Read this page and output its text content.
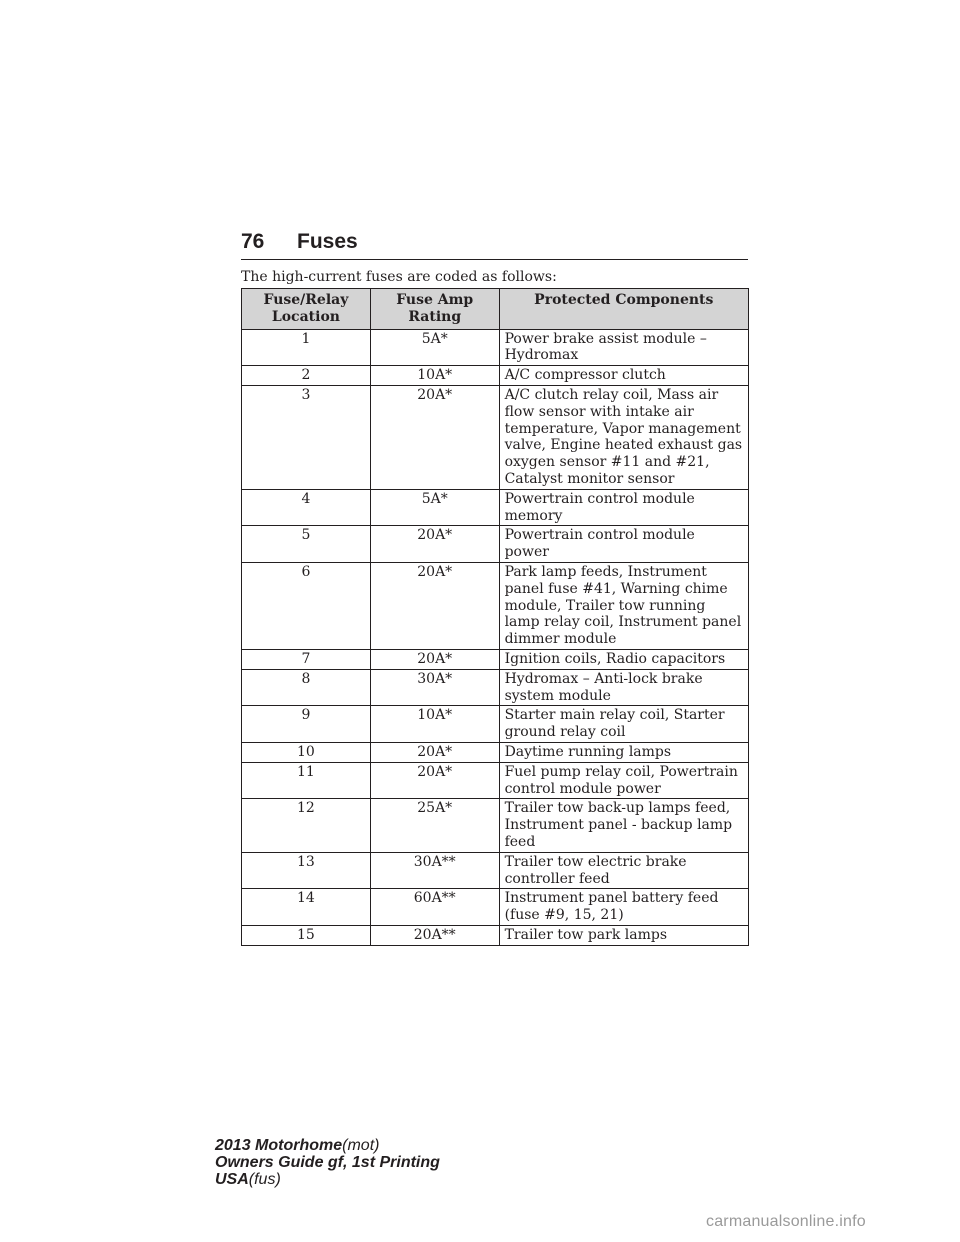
76 Fuses
The high-current fuses are coded as follows:
Fuse/Relay Location	Fuse Amp Rating	Protected Components
1	5A*	Power brake assist module – Hydromax
2	10A*	A/C compressor clutch
3	20A*	A/C clutch relay coil, Mass air flow sensor with intake air temperature, Vapor management valve, Engine heated exhaust gas oxygen sensor #11 and #21, Catalyst monitor sensor
4	5A*	Powertrain control module memory
5	20A*	Powertrain control module power
6	20A*	Park lamp feeds, Instrument panel fuse #41, Warning chime module, Trailer tow running lamp relay coil, Instrument panel dimmer module
7	20A*	Ignition coils, Radio capacitors
8	30A*	Hydromax – Anti-lock brake system module
9	10A*	Starter main relay coil, Starter ground relay coil
10	20A*	Daytime running lamps
11	20A*	Fuel pump relay coil, Powertrain control module power
12	25A*	Trailer tow back-up lamps feed, Instrument panel - backup lamp feed
13	30A**	Trailer tow electric brake controller feed
14	60A**	Instrument panel battery feed (fuse #9, 15, 21)
15	20A**	Trailer tow park lamps
2013 Motorhome(mot)
Owners Guide gf, 1st Printing
USA(fus)
carmanualsonline.info
